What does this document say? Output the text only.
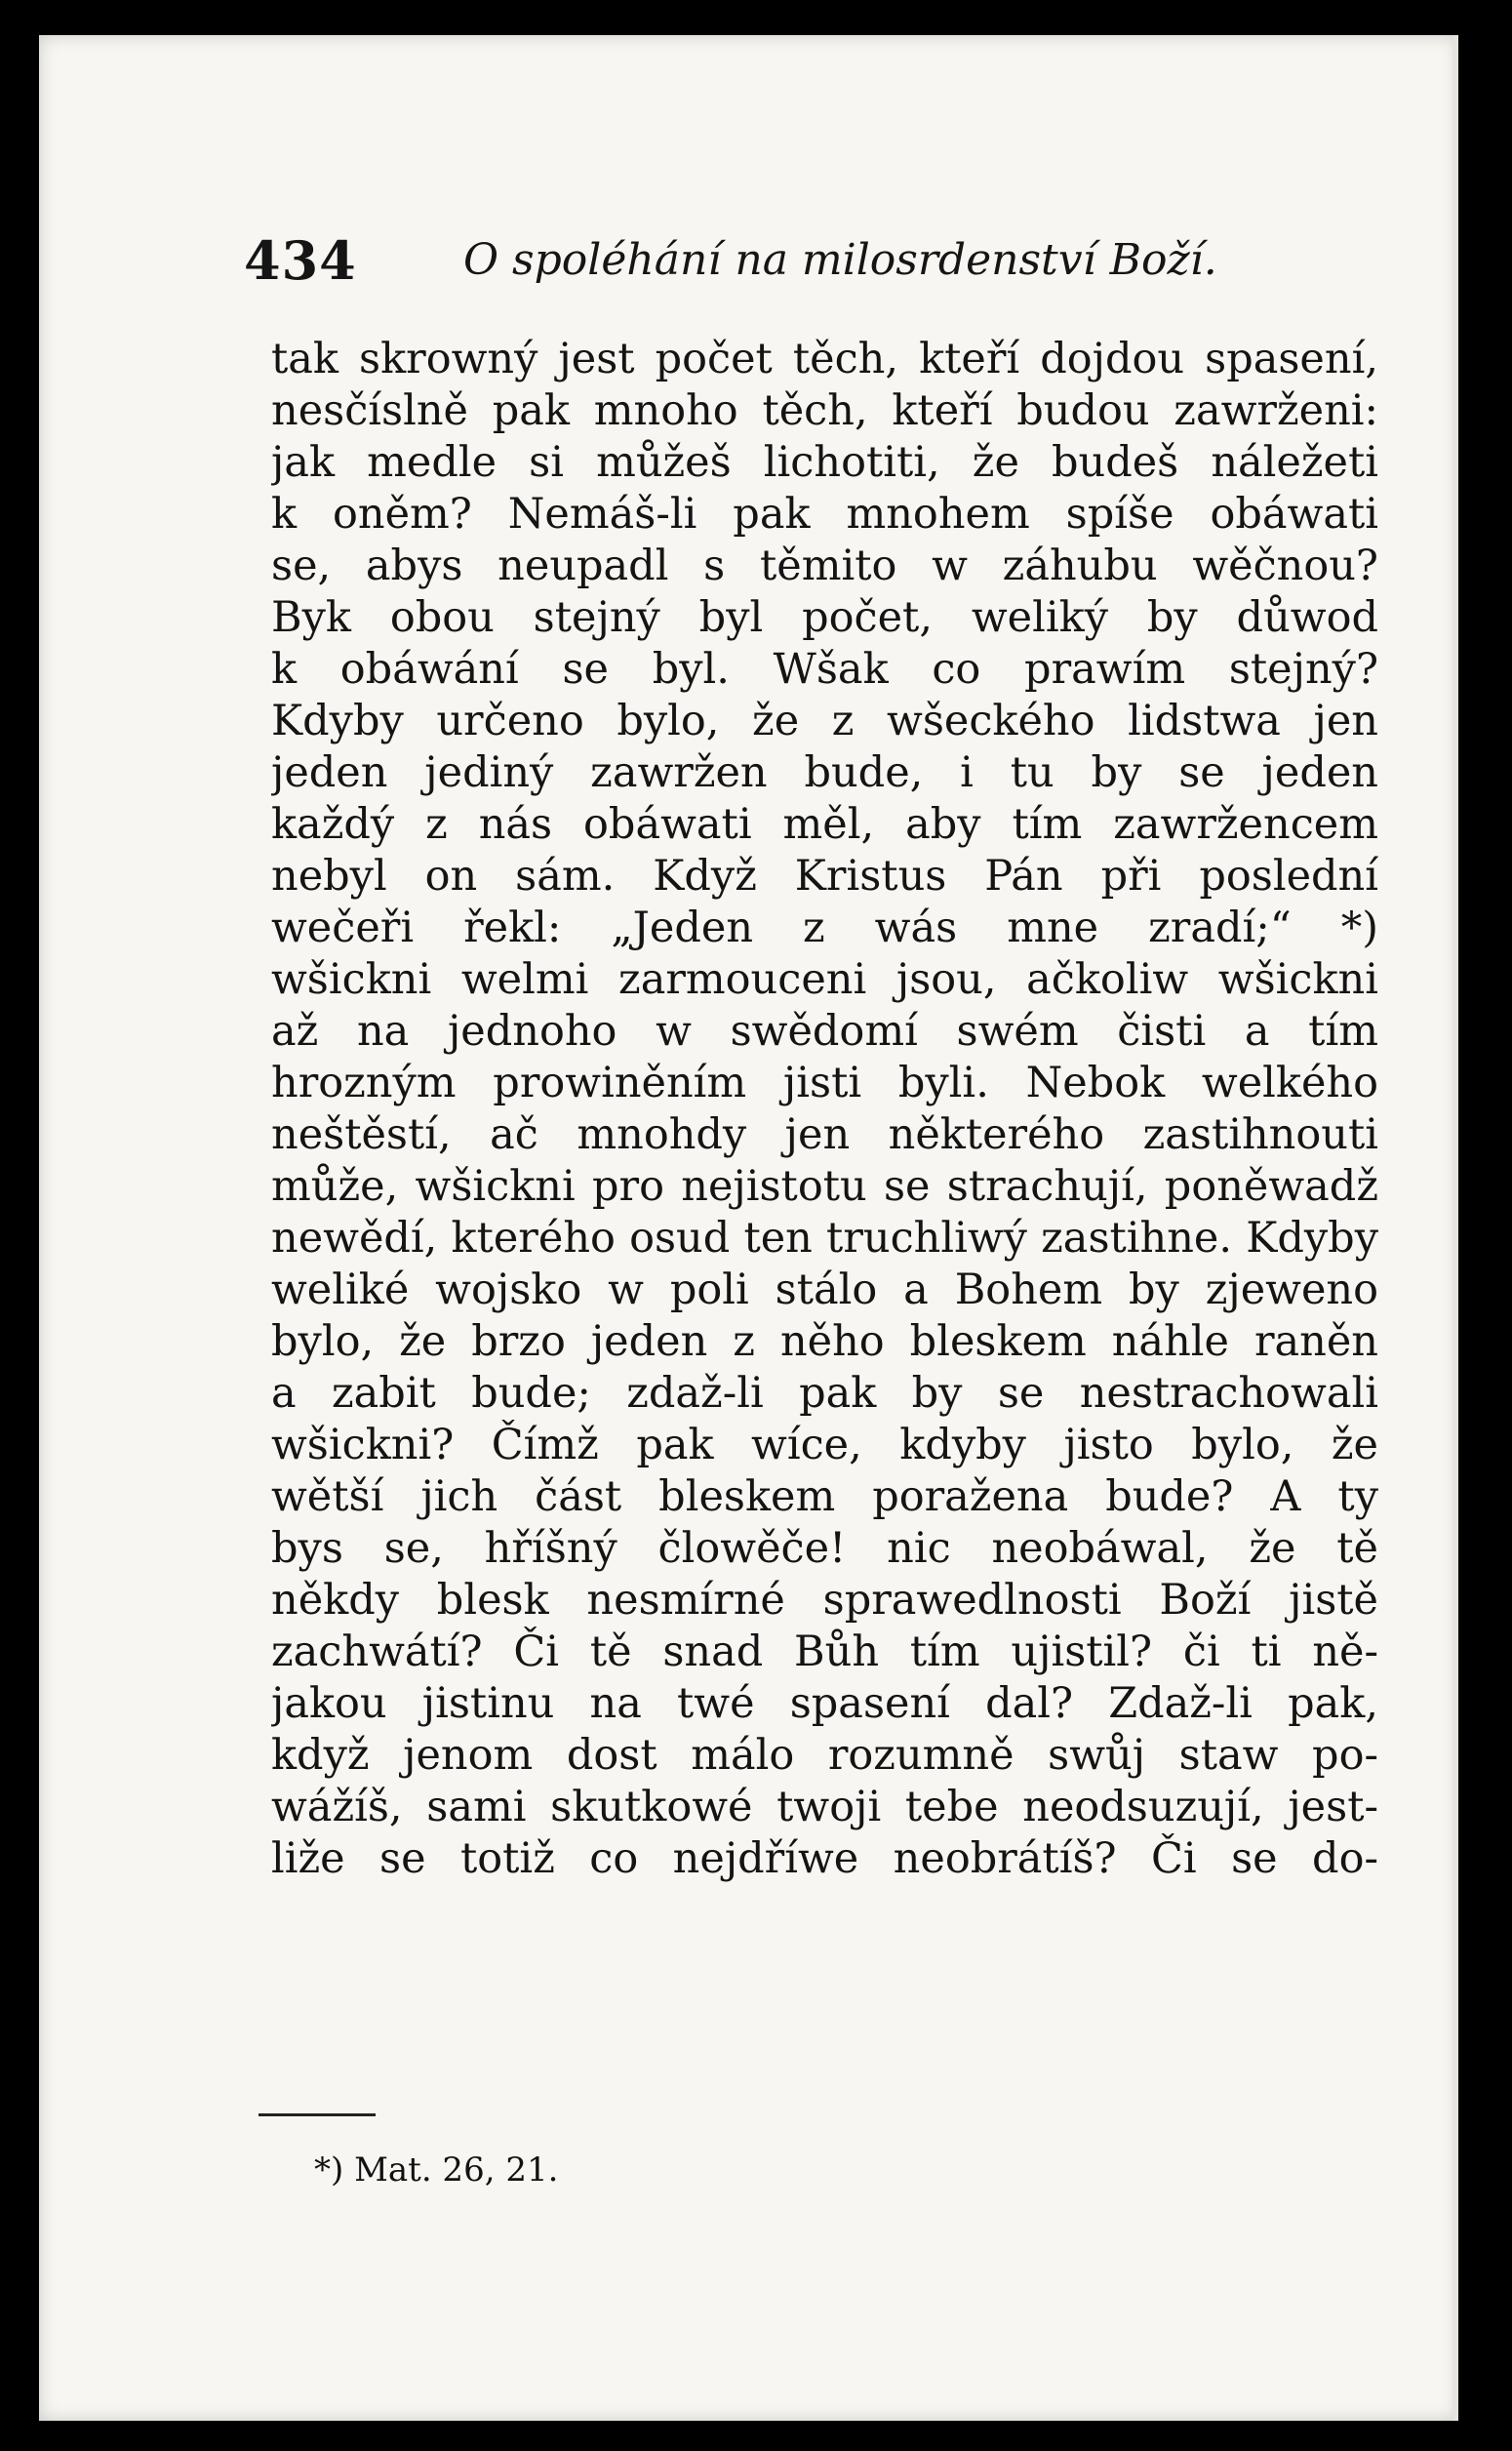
434 O spoléhání na milosrdenství Boží.
tak skrowný jest počet těch, kteří dojdou spasení,
nesčíslně pak mnoho těch, kteří budou zawrženi:
jak medle si můžeš lichotiti, že budeš náležeti
k oněm? Nemáš-li pak mnohem spíše obáwati
se, abys neupadl s těmito w záhubu wěčnou?
Byk obou stejný byl počet, weliký by důwod
k obáwání se byl. Wšak co prawím stejný?
Kdyby určeno bylo, že z wšeckého lidstwa jen
jeden jediný zawržen bude, i tu by se jeden
každý z nás obáwati měl, aby tím zawržencem
nebyl on sám. Když Kristus Pán při poslední
wečeři řekl: „Jeden z wás mne zradí;“ *)
wšickni welmi zarmouceni jsou, ačkoliw wšickni
až na jednoho w swědomí swém čisti a tím
hrozným prowiněním jisti byli. Nebok welkého
neštěstí, ač mnohdy jen některého zastihnouti
může, wšickni pro nejistotu se strachují, poněwadž
newědí, kterého osud ten truchliwý zastihne. Kdyby
weliké wojsko w poli stálo a Bohem by zjeweno
bylo, že brzo jeden z něho bleskem náhle raněn
a zabit bude; zdaž-li pak by se nestrachowali
wšickni? Čímž pak wíce, kdyby jisto bylo, že
wětší jich část bleskem poražena bude? A ty
bys se, hříšný člowěče! nic neobáwal, že tě
někdy blesk nesmírné sprawedlnosti Boží jistě
zachwátí? Či tě snad Bůh tím ujistil? či ti ně-
jakou jistinu na twé spasení dal? Zdaž-li pak,
když jenom dost málo rozumně swůj staw po-
wážíš, sami skutkowé twoji tebe neodsuzují, jest-
liže se totiž co nejdříwe neobrátíš? Či se do-
*) Mat. 26, 21.
